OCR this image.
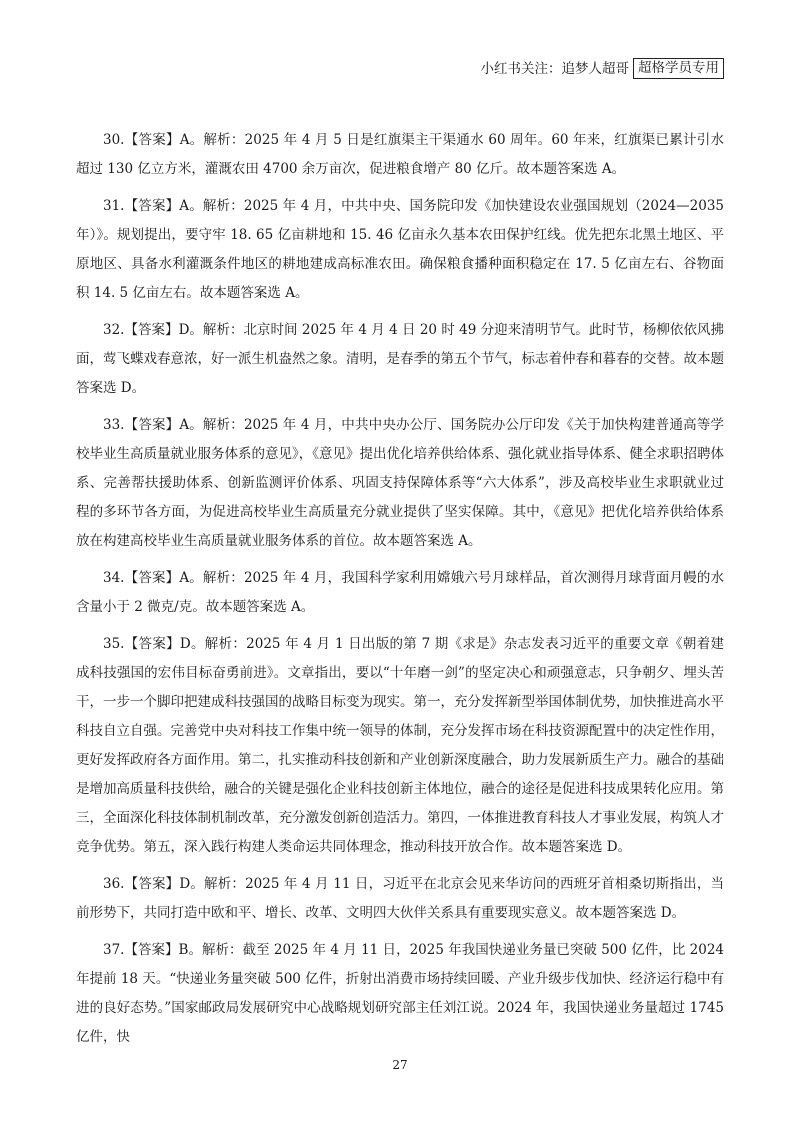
小红书关注：追梦人超哥 超格学员专用

30.【答案】A。解析：2025 年 4 月 5 日是红旗渠主干渠通水 60 周年。60 年来，红旗渠已累计引水超过 130 亿立方米，灌溉农田 4700 余万亩次，促进粮食增产 80 亿斤。故本题答案选 A。

31.【答案】A。解析：2025 年 4 月，中共中央、国务院印发《加快建设农业强国规划（2024—2035 年）》。规划提出，要守牢 18. 65 亿亩耕地和 15. 46 亿亩永久基本农田保护红线。优先把东北黑土地区、平原地区、具备水利灌溉条件地区的耕地建成高标准农田。确保粮食播种面积稳定在 17. 5 亿亩左右、谷物面积 14. 5 亿亩左右。故本题答案选 A。

32.【答案】D。解析：北京时间 2025 年 4 月 4 日 20 时 49 分迎来清明节气。此时节，杨柳依依风拂面，莺飞蝶戏春意浓，好一派生机盎然之象。清明，是春季的第五个节气，标志着仲春和暮春的交替。故本题答案选 D。

33.【答案】A。解析：2025 年 4 月，中共中央办公厅、国务院办公厅印发《关于加快构建普通高等学校毕业生高质量就业服务体系的意见》，《意见》提出优化培养供给体系、强化就业指导体系、健全求职招聘体系、完善帮扶援助体系、创新监测评价体系、巩固支持保障体系等“六大体系”，涉及高校毕业生求职就业过程的多环节各方面，为促进高校毕业生高质量充分就业提供了坚实保障。其中，《意见》把优化培养供给体系放在构建高校毕业生高质量就业服务体系的首位。故本题答案选 A。

34.【答案】A。解析：2025 年 4 月，我国科学家利用嫦娥六号月球样品，首次测得月球背面月幔的水含量小于 2 微克/克。故本题答案选 A。

35.【答案】D。解析：2025 年 4 月 1 日出版的第 7 期《求是》杂志发表习近平的重要文章《朝着建成科技强国的宏伟目标奋勇前进》。文章指出，要以“十年磨一剑”的坚定决心和顽强意志，只争朝夕、埋头苦干，一步一个脚印把建成科技强国的战略目标变为现实。第一，充分发挥新型举国体制优势，加快推进高水平科技自立自强。完善党中央对科技工作集中统一领导的体制，充分发挥市场在科技资源配置中的决定性作用，更好发挥政府各方面作用。第二，扎实推动科技创新和产业创新深度融合，助力发展新质生产力。融合的基础是增加高质量科技供给，融合的关键是强化企业科技创新主体地位，融合的途径是促进科技成果转化应用。第三，全面深化科技体制机制改革，充分激发创新创造活力。第四，一体推进教育科技人才事业发展，构筑人才竞争优势。第五，深入践行构建人类命运共同体理念，推动科技开放合作。故本题答案选 D。

36.【答案】D。解析：2025 年 4 月 11 日，习近平在北京会见来华访问的西班牙首相桑切斯指出，当前形势下，共同打造中欧和平、增长、改革、文明四大伙伴关系具有重要现实意义。故本题答案选 D。

37.【答案】B。解析：截至 2025 年 4 月 11 日，2025 年我国快递业务量已突破 500 亿件，比 2024 年提前 18 天。“快递业务量突破 500 亿件，折射出消费市场持续回暖、产业升级步伐加快、经济运行稳中有进的良好态势。”国家邮政局发展研究中心战略规划研究部主任刘江说。2024 年，我国快递业务量超过 1745 亿件，快

27
